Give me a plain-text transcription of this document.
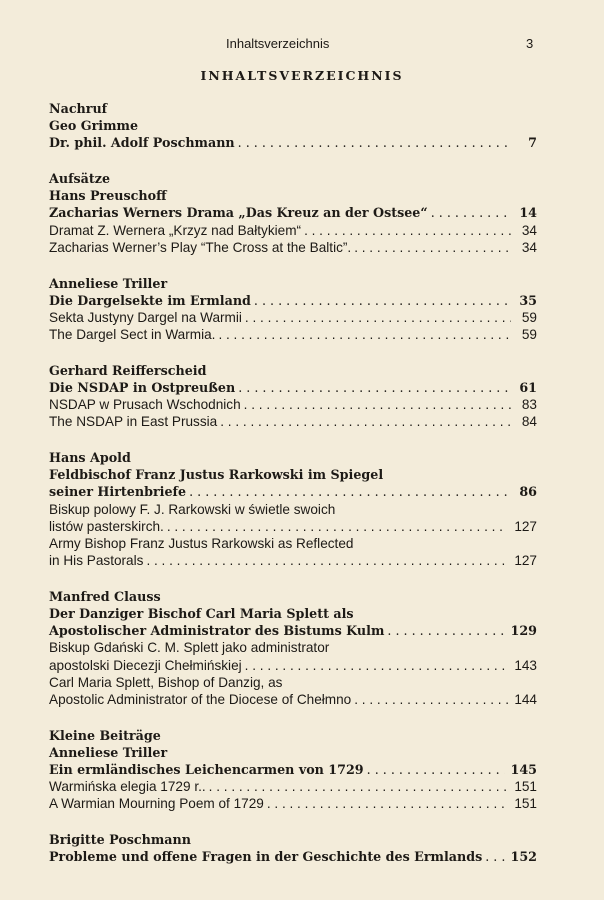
Inhaltsverzeichnis	3
INHALTSVERZEICHNIS
Nachruf
Geo Grimme
Dr. phil. Adolf Poschmann . . .	7
Aufsätze
Hans Preuschoff
Zacharias Werners Drama „Das Kreuz an der Ostsee“ . . .	14
Dramat Z. Wernera „Krzyz nad Bałtykiem“ . . .	34
Zacharias Werner’s Play “The Cross at the Baltic”. . . .	34
Anneliese Triller
Die Dargelsekte im Ermland . . .	35
Sekta Justyny Dargel na Warmii . . .	59
The Dargel Sect in Warmia. . . .	59
Gerhard Reifferscheid
Die NSDAP in Ostpreußen . . .	61
NSDAP w Prusach Wschodnich . . .	83
The NSDAP in East Prussia . . .	84
Hans Apold
Feldbischof Franz Justus Rarkowski im Spiegel
seiner Hirtenbriefe . . .	86
Biskup polowy F. J. Rarkowski w świetle swoich
listów pasterskirch. . . .	127
Army Bishop Franz Justus Rarkowski as Reflected
in His Pastorals . . .	127
Manfred Clauss
Der Danziger Bischof Carl Maria Splett als
Apostolischer Administrator des Bistums Kulm . . .	129
Biskup Gdański C. M. Splett jako administrator
apostolski Diecezji Chełmińskiej . . .	143
Carl Maria Splett, Bishop of Danzig, as
Apostolic Administrator of the Diocese of Chełmno . . .	144
Kleine Beiträge
Anneliese Triller
Ein ermländisches Leichencarmen von 1729 . . .	145
Warmińska elegia 1729 r.. . . .	151
A Warmian Mourning Poem of 1729 . . .	151
Brigitte Poschmann
Probleme und offene Fragen in der Geschichte des Ermlands . . . 152
